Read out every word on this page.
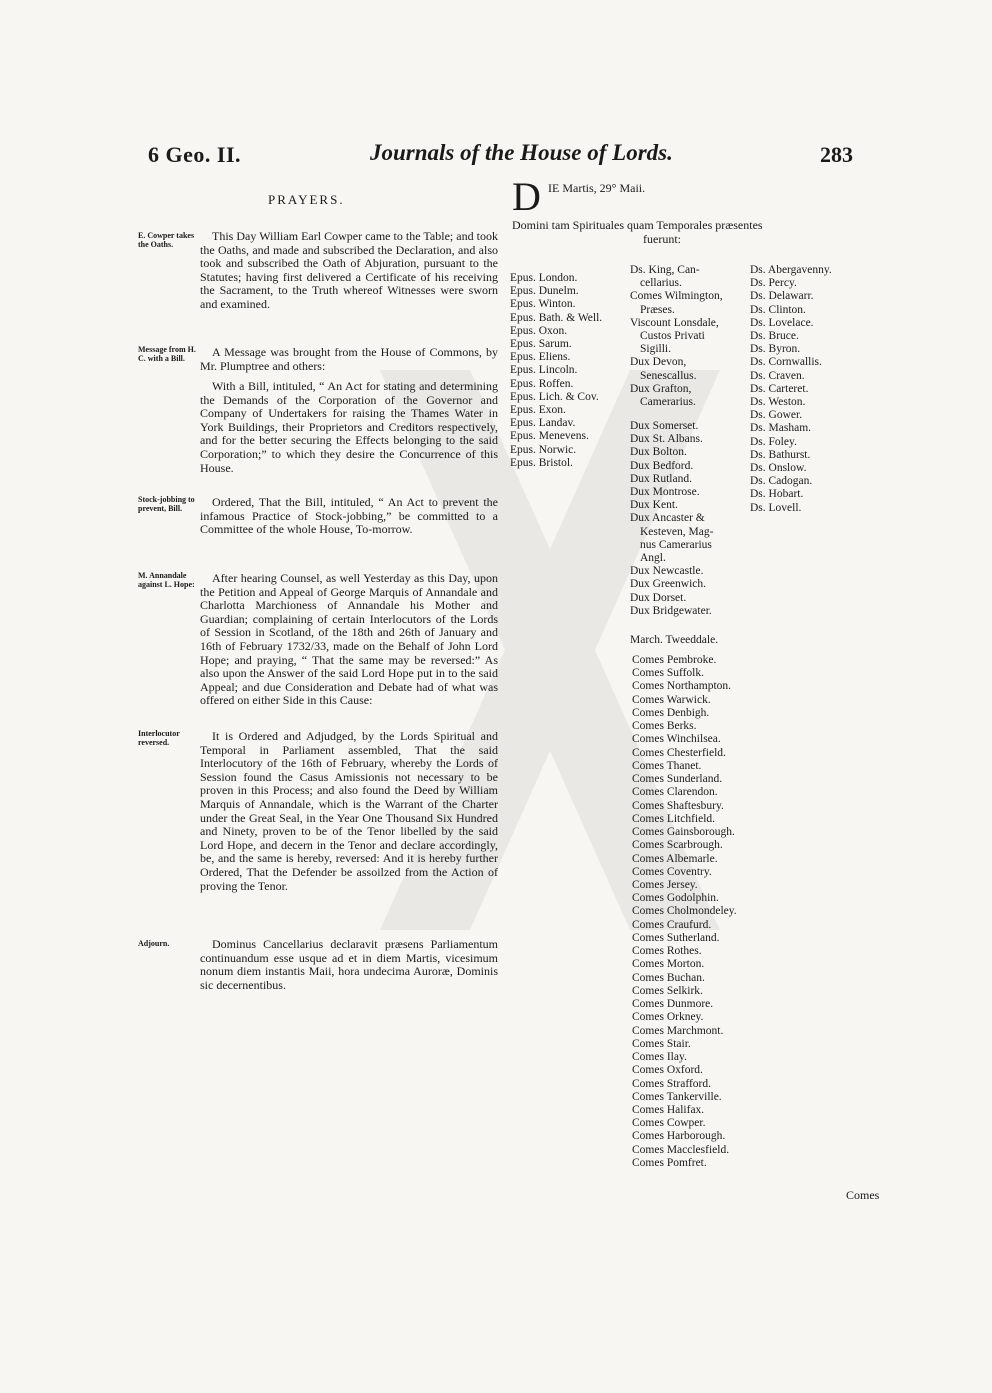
6 Geo. II.	Journals of the House of Lords.	283
PRAYERS.
E. Cowper takes the Oaths.
This Day William Earl Cowper came to the Table; and took the Oaths, and made and subscribed the Declaration, and also took and subscribed the Oath of Abjuration, pursuant to the Statutes; having first delivered a Certificate of his receiving the Sacrament, to the Truth whereof Witnesses were sworn and examined.
Message from H. C. with a Bill.	A Message was brought from the House of Commons, by Mr. Plumptree and others:
With a Bill, intituled, “ An Act for stating and determining the Demands of the Corporation of the Governor and Company of Undertakers for raising the Thames Water in York Buildings, their Proprietors and Creditors respectively, and for the better securing the Effects belonging to the said Corporation;” to which they desire the Concurrence of this House.
Stock-jobbing to prevent, Bill.	Ordered, That the Bill, intituled, “ An Act to prevent the infamous Practice of Stock-jobbing,” be committed to a Committee of the whole House, To-morrow.
M. Annandale against L. Hope:	After hearing Counsel, as well Yesterday as this Day, upon the Petition and Appeal of George Marquis of Annandale and Charlotta Marchioness of Annandale his Mother and Guardian; complaining of certain Interlocutors of the Lords of Session in Scotland, of the 18th and 26th of January and 16th of February 1732/33, made on the Behalf of John Lord Hope; and praying, “ That the same may be reversed:” As also upon the Answer of the said Lord Hope put in to the said Appeal; and due Consideration and Debate had of what was offered on either Side in this Cause:
Interlocutor reversed.	It is Ordered and Adjudged, by the Lords Spiritual and Temporal in Parliament assembled, That the said Interlocutory of the 16th of February, whereby the Lords of Session found the Casus Amissionis not necessary to be proven in this Process; and also found the Deed by William Marquis of Annandale, which is the Warrant of the Charter under the Great Seal, in the Year One Thousand Six Hundred and Ninety, proven to be of the Tenor libelled by the said Lord Hope, and decern in the Tenor and declare accordingly, be, and the same is hereby, reversed: And it is hereby further Ordered, That the Defender be assoilzed from the Action of proving the Tenor.
Adjourn.	Dominus Cancellarius declaravit præsens Parliamentum continuandum esse usque ad et in diem Martis, vicesimum nonum diem instantis Maii, hora undecima Auroræ, Dominis sic decernentibus.
D IE Martis, 29° Maii.
Domini tam Spirituales quam Temporales præsentes
fuerunt:
Epus. London.
Epus. Dunelm.
Epus. Winton.
Epus. Bath. & Well.
Epus. Oxon.
Epus. Sarum.
Epus. Eliens.
Epus. Lincoln.
Epus. Roffen.
Epus. Lich. & Cov.
Epus. Exon.
Epus. Landav.
Epus. Menevens.
Epus. Norwic.
Epus. Bristol.
Ds. King, Can-
cellarius.
Comes Wilmington,
Præses.
Viscount Lonsdale,
Custos Privati
Sigilli.
Dux Devon,
Senescallus.
Dux Grafton,
Camerarius.
Dux Somerset.
Dux St. Albans.
Dux Bolton.
Dux Bedford.
Dux Rutland.
Dux Montrose.
Dux Kent.
Dux Ancaster &
Kesteven, Mag-
nus Camerarius
Angl.
Dux Newcastle.
Dux Greenwich.
Dux Dorset.
Dux Bridgewater.
March. Tweeddale.
Comes Pembroke.
Comes Suffolk.
Comes Northampton.
Comes Warwick.
Comes Denbigh.
Comes Berks.
Comes Winchilsea.
Comes Chesterfield.
Comes Thanet.
Comes Sunderland.
Comes Clarendon.
Comes Shaftesbury.
Comes Litchfield.
Comes Gainsborough.
Comes Scarbrough.
Comes Albemarle.
Comes Coventry.
Comes Jersey.
Comes Godolphin.
Comes Cholmondeley.
Comes Craufurd.
Comes Sutherland.
Comes Rothes.
Comes Morton.
Comes Buchan.
Comes Selkirk.
Comes Dunmore.
Comes Orkney.
Comes Marchmont.
Comes Stair.
Comes Ilay.
Comes Oxford.
Comes Strafford.
Comes Tankerville.
Comes Halifax.
Comes Cowper.
Comes Harborough.
Comes Macclesfield.
Comes Pomfret.
Ds. Abergavenny.
Ds. Percy.
Ds. Delawarr.
Ds. Clinton.
Ds. Lovelace.
Ds. Bruce.
Ds. Byron.
Ds. Cornwallis.
Ds. Craven.
Ds. Carteret.
Ds. Weston.
Ds. Gower.
Ds. Masham.
Ds. Foley.
Ds. Bathurst.
Ds. Onslow.
Ds. Cadogan.
Ds. Hobart.
Ds. Lovell.
Comes
